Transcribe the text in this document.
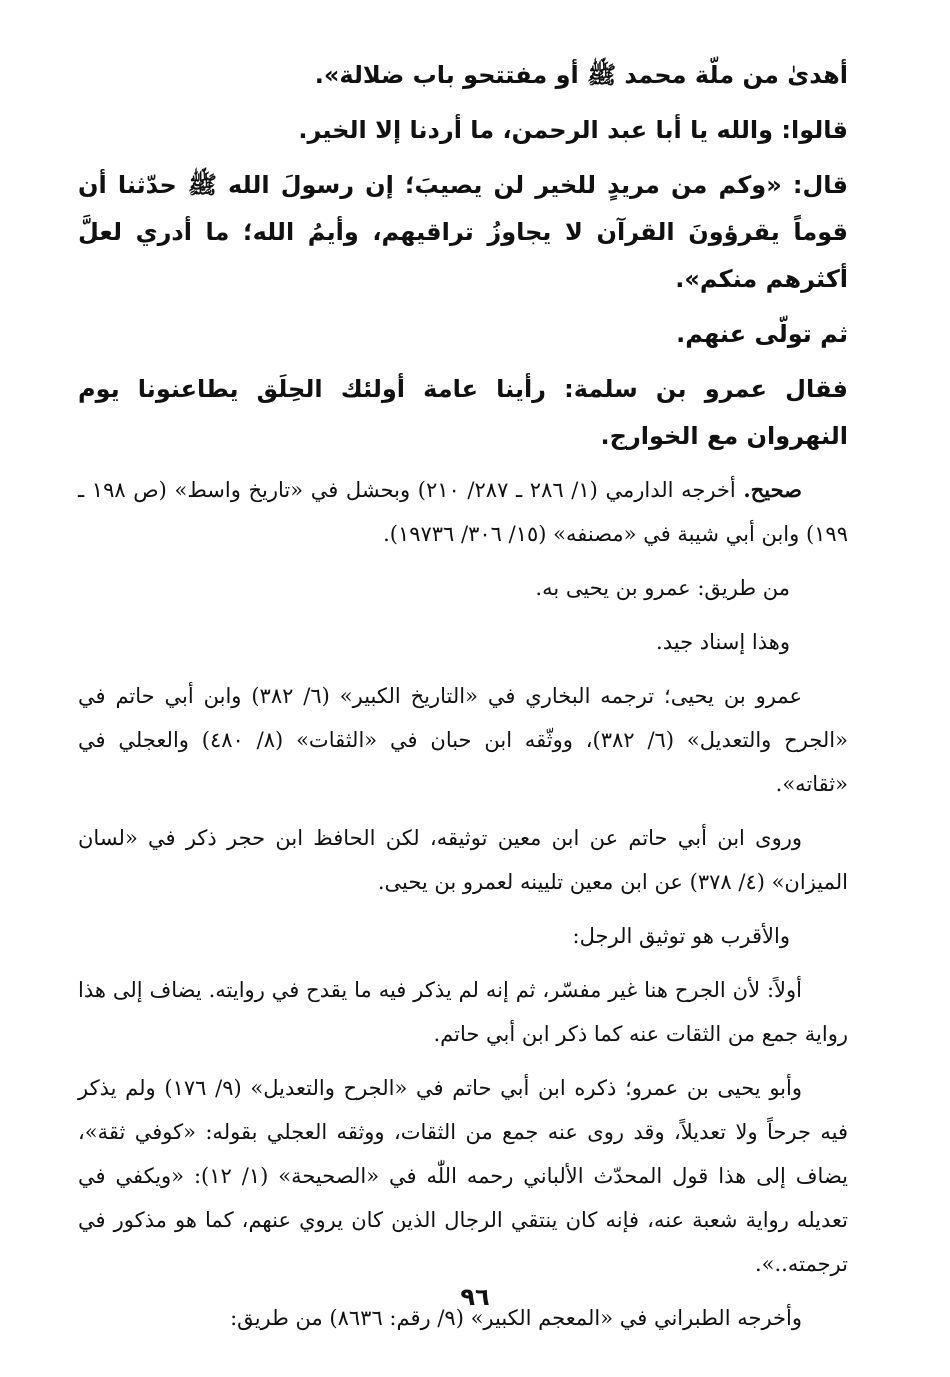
أهدىٰ من ملّة محمد ﷺ أو مفتتحو باب ضلالة».

قالوا: والله يا أبا عبد الرحمن، ما أردنا إلا الخير.

قال: «وكم من مريدٍ للخير لن يصيبَ؛ إن رسولَ الله ﷺ حدّثنا أن قوماً يقرؤونَ القرآن لا يجاوزُ تراقيهم، وأيمُ الله؛ ما أدري لعلَّ أكثرهم منكم».

ثم تولّى عنهم.

فقال عمرو بن سلمة: رأينا عامة أولئك الحِلَق يطاعنونا يوم النهروان مع الخوارج.

صحيح. أخرجه الدارمي (١/ ٢٨٦ ـ ٢٨٧/ ٢١٠) وبحشل في «تاريخ واسط» (ص ١٩٨ ـ ١٩٩) وابن أبي شيبة في «مصنفه» (١٥/ ٣٠٦/ ١٩٧٣٦).

من طريق: عمرو بن يحيى به.

وهذا إسناد جيد.

عمرو بن يحيى؛ ترجمه البخاري في «التاريخ الكبير» (٦/ ٣٨٢) وابن أبي حاتم في «الجرح والتعديل» (٦/ ٣٨٢)، ووثّقه ابن حبان في «الثقات» (٨/ ٤٨٠) والعجلي في «ثقاته».

وروى ابن أبي حاتم عن ابن معين توثيقه، لكن الحافظ ابن حجر ذكر في «لسان الميزان» (٤/ ٣٧٨) عن ابن معين تليينه لعمرو بن يحيى.

والأقرب هو توثيق الرجل:

أولاً: لأن الجرح هنا غير مفسّر، ثم إنه لم يذكر فيه ما يقدح في روايته. يضاف إلى هذا رواية جمع من الثقات عنه كما ذكر ابن أبي حاتم.

وأبو يحيى بن عمرو؛ ذكره ابن أبي حاتم في «الجرح والتعديل» (٩/ ١٧٦) ولم يذكر فيه جرحاً ولا تعديلاً، وقد روى عنه جمع من الثقات، ووثقه العجلي بقوله: «كوفي ثقة»، يضاف إلى هذا قول المحدّث الألباني رحمه اللّٰه في «الصحيحة» (١/ ١٢): «ويكفي في تعديله رواية شعبة عنه، فإنه كان ينتقي الرجال الذين كان يروي عنهم، كما هو مذكور في ترجمته..».

وأخرجه الطبراني في «المعجم الكبير» (٩/ رقم: ٨٦٣٦) من طريق:

٩٦
